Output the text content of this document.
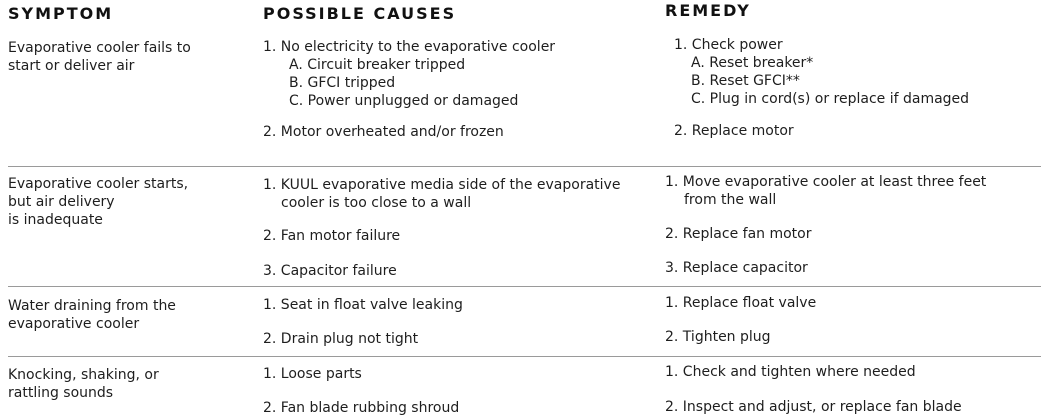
SYMPTOM	POSSIBLE CAUSES	REMEDY
Evaporative cooler fails to
start or deliver air
1. No electricity to the evaporative cooler
A. Circuit breaker tripped
B. GFCI tripped
C. Power unplugged or damaged
2. Motor overheated and/or frozen
1. Check power
A. Reset breaker*
B. Reset GFCI**
C. Plug in cord(s) or replace if damaged
2. Replace motor
Evaporative cooler starts,
but air delivery
is inadequate
1. KUUL evaporative media side of the evaporative
cooler is too close to a wall
2. Fan motor failure
3. Capacitor failure
1. Move evaporative cooler at least three feet
from the wall
2. Replace fan motor
3. Replace capacitor
Water draining from the
evaporative cooler
1. Seat in float valve leaking
2. Drain plug not tight
1. Replace float valve
2. Tighten plug
Knocking, shaking, or
rattling sounds
1. Loose parts
2. Fan blade rubbing shroud
1. Check and tighten where needed
2. Inspect and adjust, or replace fan blade
